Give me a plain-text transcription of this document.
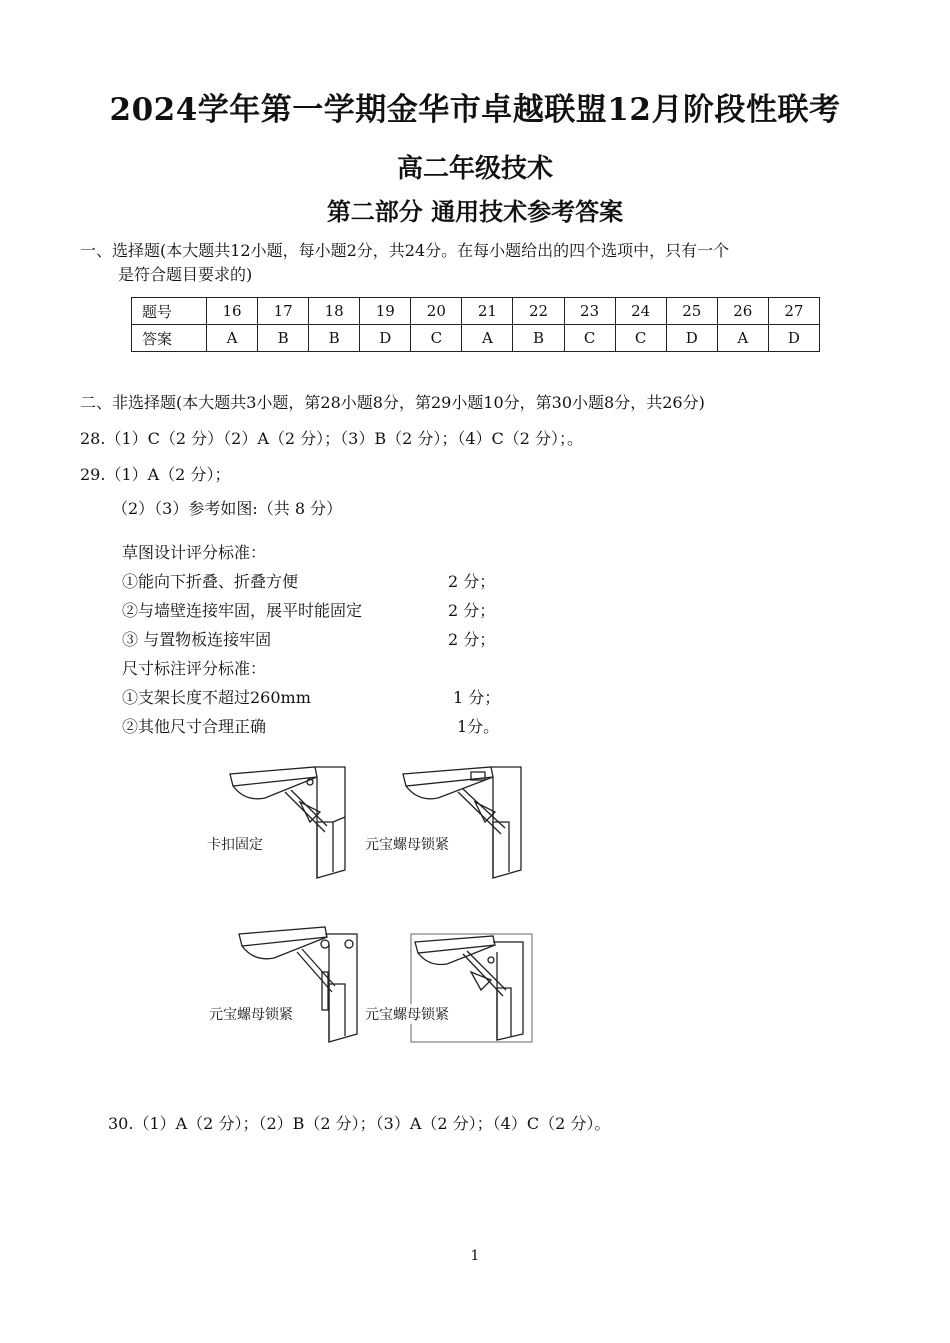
2024学年第一学期金华市卓越联盟12月阶段性联考
高二年级技术
第二部分 通用技术参考答案
一、选择题(本大题共12小题，每小题2分，共24分。在每小题给出的四个选项中，只有一个
是符合题目要求的)
题号	16	17	18	19	20	21	22	23	24	25	26	27
答案	A	B	B	D	C	A	B	C	C	D	A	D
二、非选择题(本大题共3小题，第28小题8分，第29小题10分，第30小题8分，共26分)
28.（1）C（2 分）（2）A（2 分）；（3）B（2 分）；（4）C（2 分）；。
29.（1）A（2 分）；
（2）（3）参考如图:（共 8 分）
草图设计评分标准：
①能向下折叠、折叠方便	2 分；
②与墙壁连接牢固，展平时能固定	2 分；
③ 与置物板连接牢固	2 分；
尺寸标注评分标准：
①支架长度不超过260mm	1 分；
②其他尺寸合理正确	1分。
卡扣固定	元宝螺母锁紧
元宝螺母锁紧	元宝螺母锁紧
30.（1）A（2 分）；（2）B（2 分）；（3）A（2 分）；（4）C（2 分）。
1
